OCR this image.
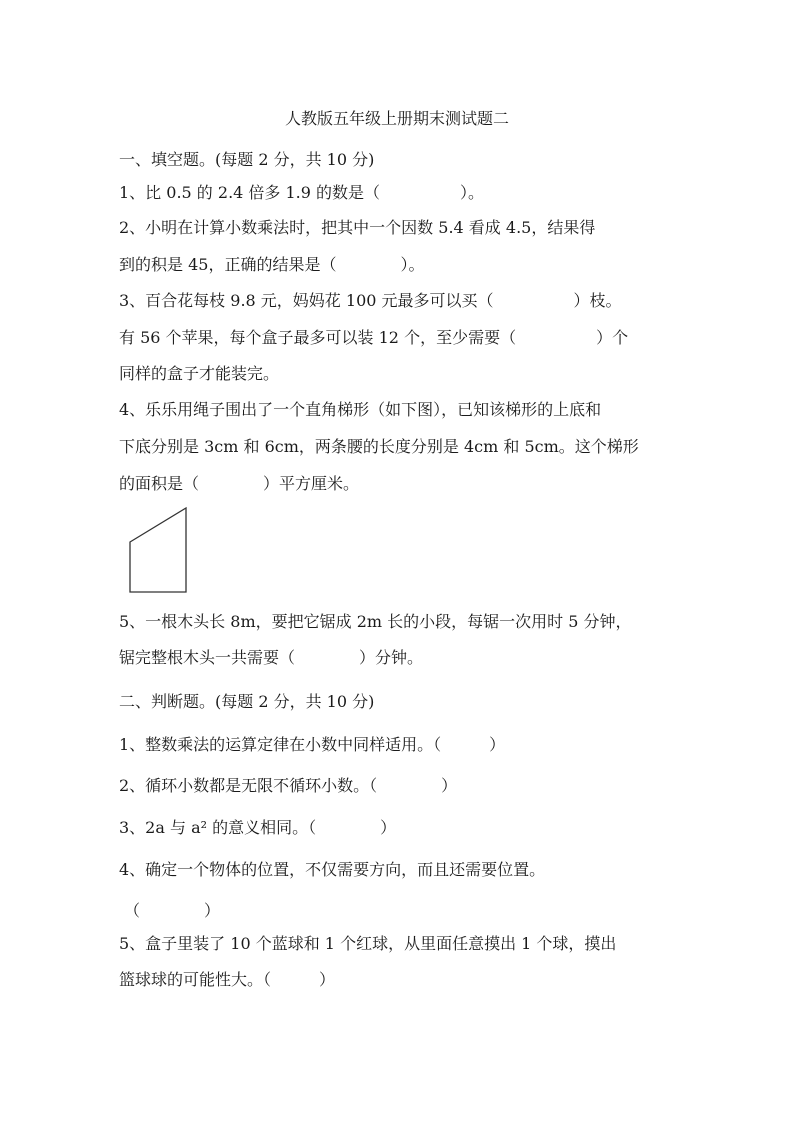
人教版五年级上册期末测试题二
一、填空题。(每题 2 分，共 10 分)
1、比 0.5 的 2.4 倍多 1.9 的数是（　　　　　）。
2、小明在计算小数乘法时，把其中一个因数 5.4 看成 4.5，结果得
到的积是 45，正确的结果是（　　　　）。
3、百合花每枝 9.8 元，妈妈花 100 元最多可以买（　　　　　）枝。
有 56 个苹果，每个盒子最多可以装 12 个，至少需要（　　　　　）个
同样的盒子才能装完。
4、乐乐用绳子围出了一个直角梯形（如下图），已知该梯形的上底和
下底分别是 3cm 和 6cm，两条腰的长度分别是 4cm 和 5cm。这个梯形
的面积是（　　　　）平方厘米。
5、一根木头长 8m，要把它锯成 2m 长的小段，每锯一次用时 5 分钟，
锯完整根木头一共需要（　　　　）分钟。
二、判断题。(每题 2 分，共 10 分)
1、整数乘法的运算定律在小数中同样适用。（　　　）
2、循环小数都是无限不循环小数。（　　　　）
3、2a 与 a² 的意义相同。（　　　　）
4、确定一个物体的位置，不仅需要方向，而且还需要位置。
（　　　　）
5、盒子里装了 10 个蓝球和 1 个红球，从里面任意摸出 1 个球，摸出
篮球球的可能性大。（　　　）
